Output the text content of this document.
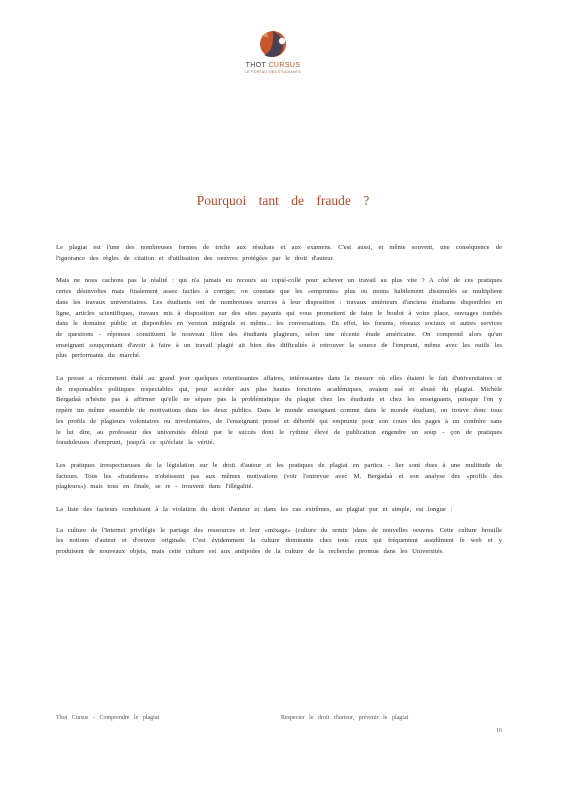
THOT CURSUS
LE PORTAIL DES ÉTUDIANTS
Pourquoi tant de fraude ?

Le plagiat est l'une des nombreuses formes de triche aux résultats et aux examens. C'est aussi, et même souvent, une conséquence de l'ignorance des règles de citation et d'utilisation des oeuvres protégées par le droit d'auteur.

Mais ne nous cachons pas la réalité : qui n'a jamais eu recours au copié-collé pour achever un travail au plus vite ? A côté de ces pratiques certes désinvoltes mais finalement assez faciles à corriger, on constate que les «emprunts» plus ou moins habilement dissimulés se multiplient dans les travaux universitaires. Les étudiants ont de nombreuses sources à leur disposition : travaux antérieurs d'anciens étudiants disponibles en ligne, articles scientifiques, travaux mis à disposition sur des sites payants qui vous promettent de faire le boulot à votre place, ouvrages tombés dans le domaine public et disponibles en version intégrale et même... les conversations. En effet, les forums, réseaux sociaux et autres services de questions - réponses constituent le nouveau filon des étudiants plagieurs, selon une récente étude américaine. On comprend alors qu'un enseignant soupçonnant d'avoir à faire à un travail plagié ait bien des difficultés à retrouver la source de l'emprunt, même avec les outils les plus performants du marché.

La presse a récemment étalé au grand jour quelques retentissantes affaires, intéressantes dans la mesure où elles étaient le fait d'universitaires et de responsables politiques respectables qui, pour accéder aux plus hautes fonctions académiques, avaient usé et abusé du plagiat. Michèle Bergadaà n'hésite pas à affirmer qu'elle ne sépare pas la problématique du plagiat chez les étudiants et chez les enseignants, puisque l'on y repère un même ensemble de motivations dans les deux publics. Dans le monde enseignant comme dans le monde étudiant, on trouve donc tous les profils de plagieurs volontaires ou involontaires, de l'enseignant pressé et débordé qui emprunte pour son cours des pages à un confrère sans le lui dire, au professeur des universités ébloui par le succès dont le rythme élevé de publication engendre un soup - çon de pratiques frauduleuses d'emprunt, jusqu'à ce qu'éclate la vérité.

Les pratiques irrespectueuses de la législation sur le droit d'auteur et les pratiques de plagiat en particu - lier sont dues à une multitude de facteurs. Tous les «fraudeurs» n'obéissent pas aux mêmes motivations (voir l'entrevue avec M. Bergadaà et son analyse des «profils des plagieurs») mais tous en finale, se re - trouvent dans l'illégalité.

La liste des facteurs conduisant à la violation du droit d'auteur et dans les cas extrêmes, au plagiat pur et simple, est longue :

La culture de l'Internet privilégie le partage des ressources et leur «mixage» (culture du remix )dans de nouvelles oeuvres. Cette culture brouille les notions d'auteur et d'oeuvre originale. C'est évidemment la culture dominante chez tous ceux qui fréquentent assidûment le web et y produisent de nouveaux objets, mais cette culture est aux antipodes de la culture de la recherche promue dans les Universités.

Thot Cursus - Comprendre le plagiat	Respecter le droit d'auteur, prévenir le plagiat
16
